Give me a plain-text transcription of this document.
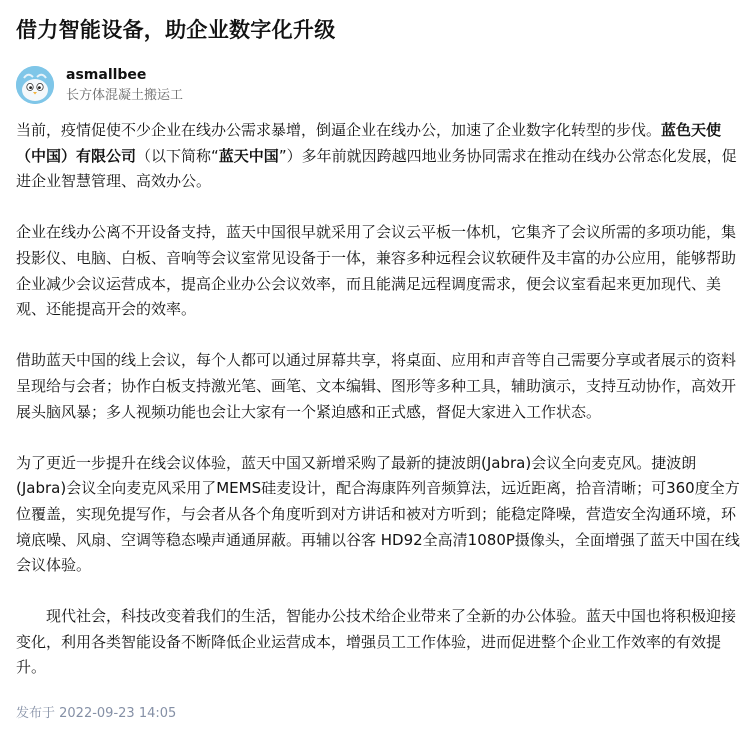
借力智能设备，助企业数字化升级
asmallbee
长方体混凝土搬运工

当前，疫情促使不少企业在线办公需求暴增，倒逼企业在线办公，加速了企业数字化转型的步伐。蓝色天使（中国）有限公司（以下简称“蓝天中国”）多年前就因跨越四地业务协同需求在推动在线办公常态化发展，促进企业智慧管理、高效办公。

企业在线办公离不开设备支持，蓝天中国很早就采用了会议云平板一体机，它集齐了会议所需的多项功能，集投影仪、电脑、白板、音响等会议室常见设备于一体，兼容多种远程会议软硬件及丰富的办公应用，能够帮助企业减少会议运营成本，提高企业办公会议效率，而且能满足远程调度需求，便会议室看起来更加现代、美观、还能提高开会的效率。

借助蓝天中国的线上会议，每个人都可以通过屏幕共享，将桌面、应用和声音等自己需要分享或者展示的资料呈现给与会者；协作白板支持激光笔、画笔、文本编辑、图形等多种工具，辅助演示，支持互动协作，高效开展头脑风暴；多人视频功能也会让大家有一个紧迫感和正式感，督促大家进入工作状态。

为了更近一步提升在线会议体验，蓝天中国又新增采购了最新的捷波朗(Jabra)会议全向麦克风。捷波朗(Jabra)会议全向麦克风采用了MEMS硅麦设计，配合海康阵列音频算法，远近距离，拾音清晰；可360度全方位覆盖，实现免提写作，与会者从各个角度听到对方讲话和被对方听到；能稳定降噪，营造安全沟通环境，环境底噪、风扇、空调等稳态噪声通通屏蔽。再辅以谷客 HD92全高清1080P摄像头，全面增强了蓝天中国在线会议体验。

现代社会，科技改变着我们的生活，智能办公技术给企业带来了全新的办公体验。蓝天中国也将积极迎接变化，利用各类智能设备不断降低企业运营成本，增强员工工作体验，进而促进整个企业工作效率的有效提升。

发布于 2022-09-23 14:05
